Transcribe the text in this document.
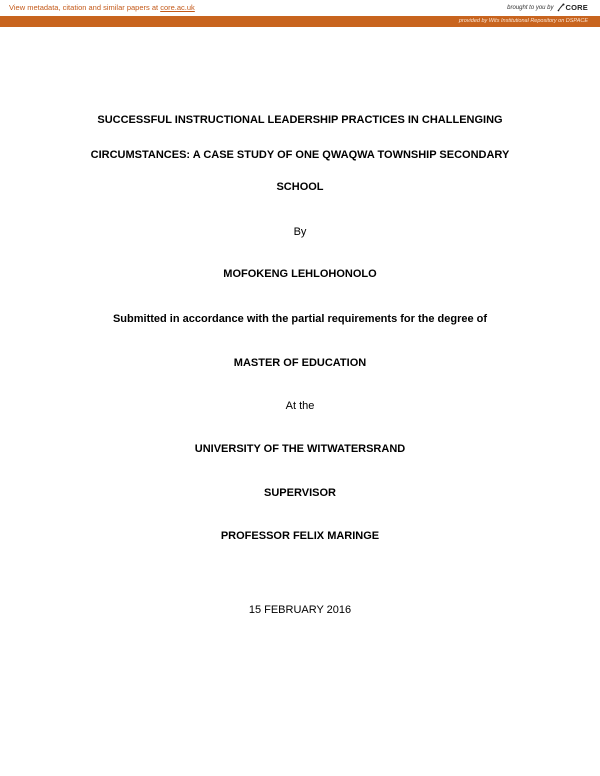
View metadata, citation and similar papers at core.ac.uk	brought to you by CORE
provided by Wits Institutional Repository on DSPACE
SUCCESSFUL INSTRUCTIONAL LEADERSHIP PRACTICES IN CHALLENGING
CIRCUMSTANCES: A CASE STUDY OF ONE QWAQWA TOWNSHIP SECONDARY
SCHOOL
By
MOFOKENG LEHLOHONOLO
Submitted in accordance with the partial requirements for the degree of
MASTER OF EDUCATION
At the
UNIVERSITY OF THE WITWATERSRAND
SUPERVISOR
PROFESSOR FELIX MARINGE
15 FEBRUARY 2016
